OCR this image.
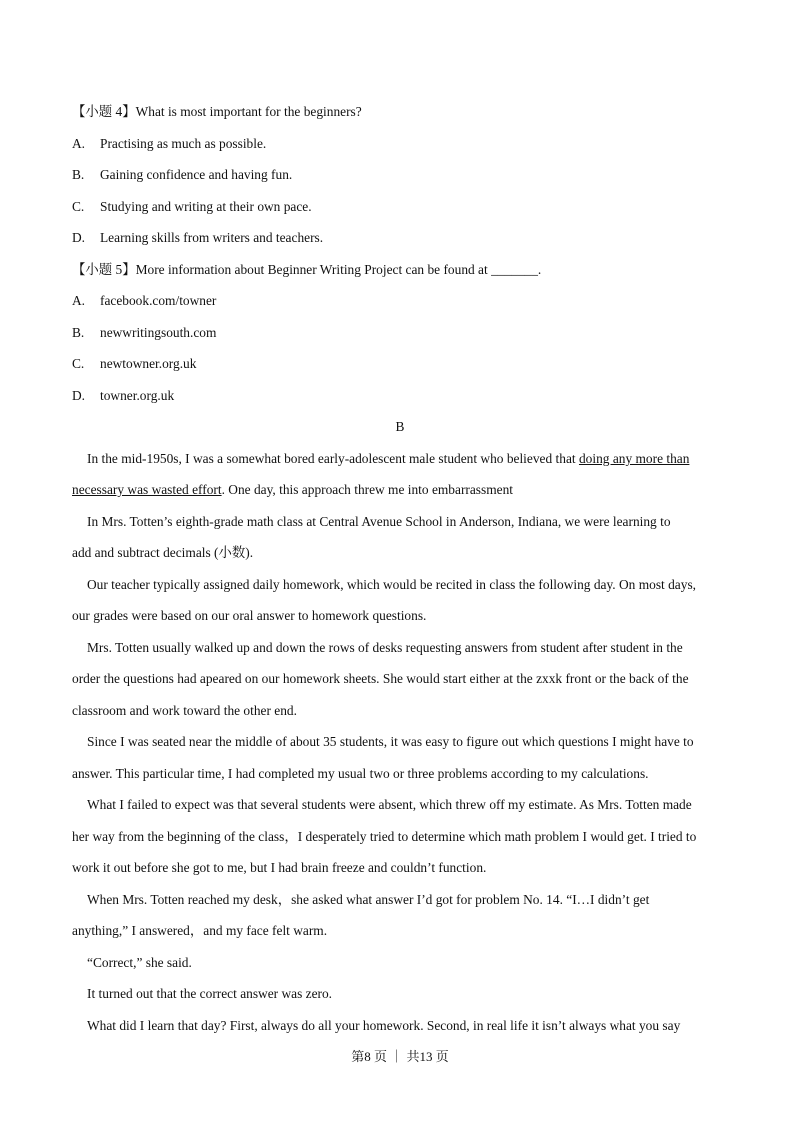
【小题 4】What is most important for the beginners?
A. Practising as much as possible.
B. Gaining confidence and having fun.
C. Studying and writing at their own pace.
D. Learning skills from writers and teachers.
【小题 5】More information about Beginner Writing Project can be found at _______.
A. facebook.com/towner
B. newwritingsouth.com
C. newtowner.org.uk
D. towner.org.uk
B
In the mid-1950s, I was a somewhat bored early-adolescent male student who believed that doing any more than
necessary was wasted effort. One day, this approach threw me into embarrassment
In Mrs. Totten’s eighth-grade math class at Central Avenue School in Anderson, Indiana, we were learning to
add and subtract decimals (小数).
Our teacher typically assigned daily homework, which would be recited in class the following day. On most days,
our grades were based on our oral answer to homework questions.
Mrs. Totten usually walked up and down the rows of desks requesting answers from student after student in the
order the questions had apeared on our homework sheets. She would start either at the zxxk front or the back of the
classroom and work toward the other end.
Since I was seated near the middle of about 35 students, it was easy to figure out which questions I might have to
answer. This particular time, I had completed my usual two or three problems according to my calculations.
What I failed to expect was that several students were absent, which threw off my estimate. As Mrs. Totten made
her way from the beginning of the class，I desperately tried to determine which math problem I would get. I tried to
work it out before she got to me, but I had brain freeze and couldn’t function.
When Mrs. Totten reached my desk，she asked what answer I’d got for problem No. 14. “I…I didn’t get
anything,” I answered，and my face felt warm.
“Correct,” she said.
It turned out that the correct answer was zero.
What did I learn that day? First, always do all your homework. Second, in real life it isn’t always what you say
第8 页 ｜ 共13 页
